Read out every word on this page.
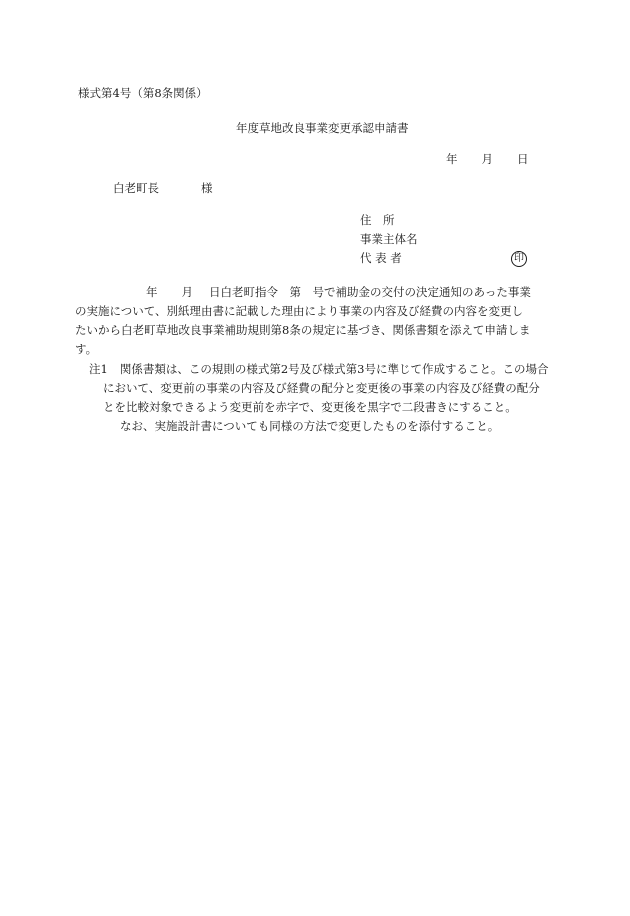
様式第4号（第8条関係）
年度草地改良事業変更承認申請書
年 月 日
白老町長	様
住　所
事業主体名
代 表 者	印
年 月 日白老町指令　第　号で補助金の交付の決定通知のあった事業
の実施について、別紙理由書に記載した理由により事業の内容及び経費の内容を変更し
たいから白老町草地改良事業補助規則第8条の規定に基づき、関係書類を添えて申請しま
す。
注1 関係書類は、この規則の様式第2号及び様式第3号に準じて作成すること。この場合
において、変更前の事業の内容及び経費の配分と変更後の事業の内容及び経費の配分
とを比較対象できるよう変更前を赤字で、変更後を黒字で二段書きにすること。
なお、実施設計書についても同様の方法で変更したものを添付すること。
